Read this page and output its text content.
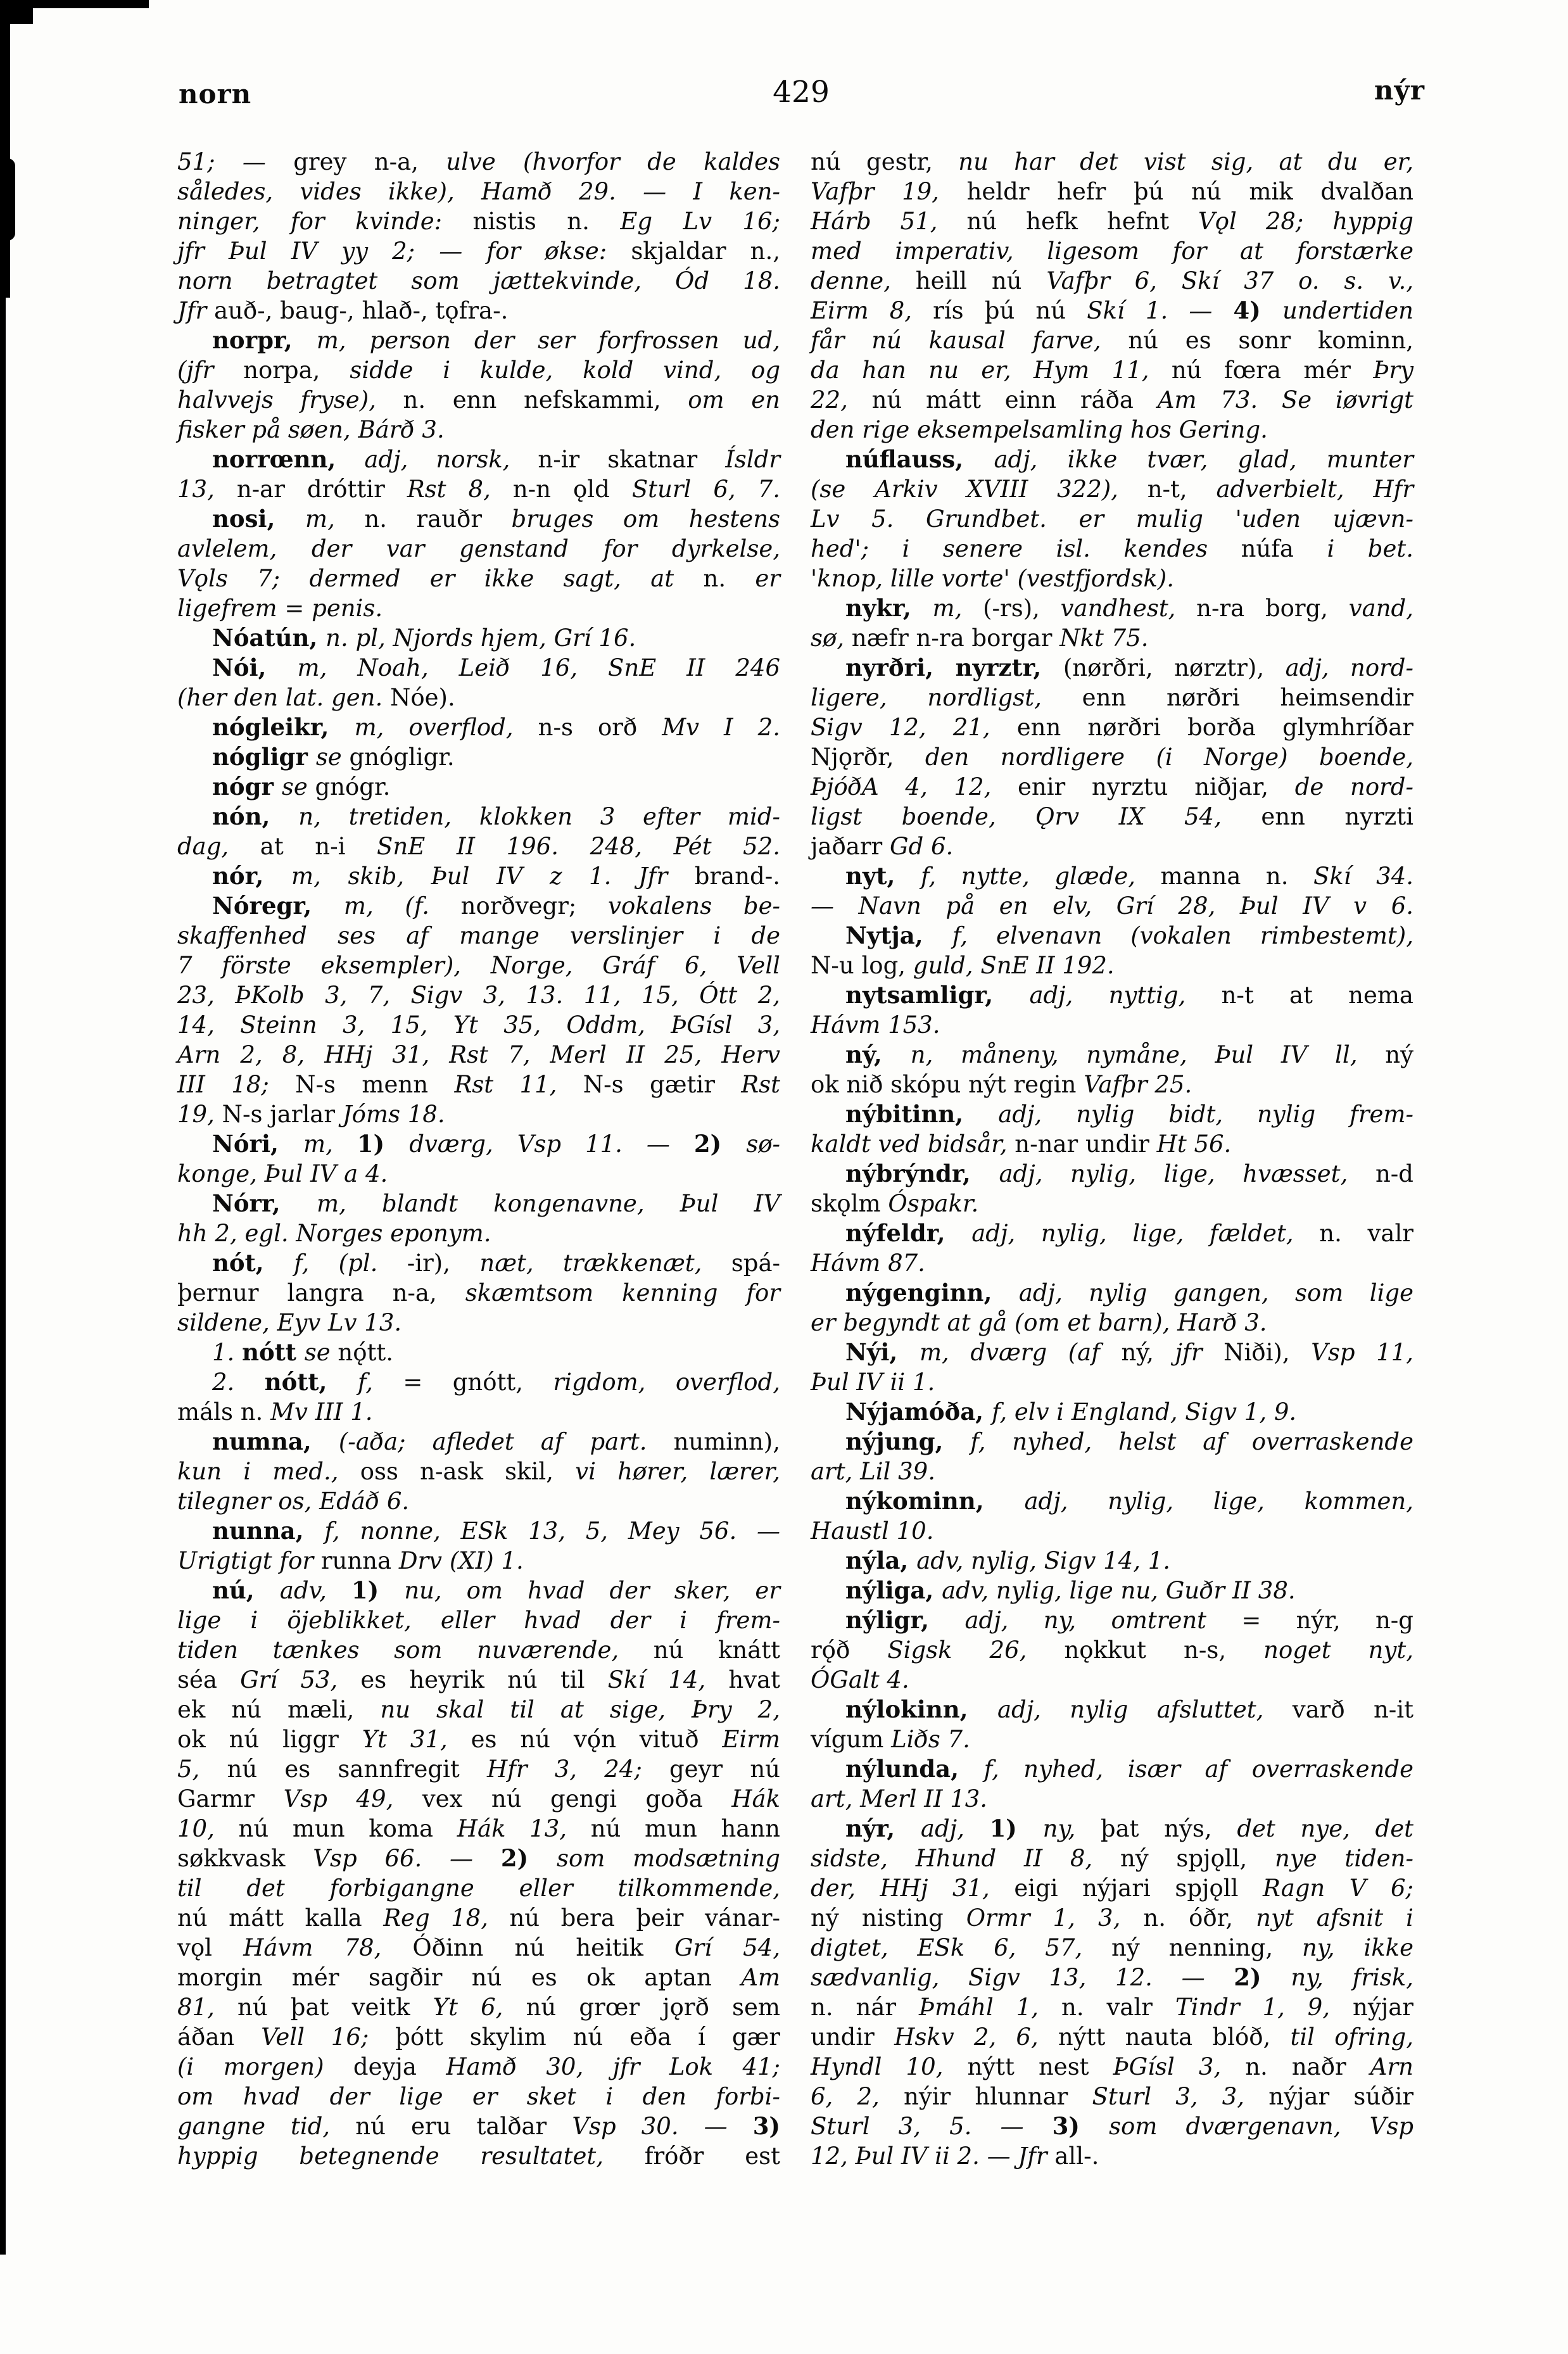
norn	429	nýr
51; — grey n-a, ulve (hvorfor de kaldes
således, vides ikke), Hamð 29. — I ken-
ninger, for kvinde: nistis n. Eg Lv 16;
jfr Þul IV yy 2; — for økse: skjaldar n.,
norn betragtet som jættekvinde, Ód 18.
Jfr auð-, baug-, hlað-, tǫfra-.
norpr, m, person der ser forfrossen ud,
(jfr norpa, sidde i kulde, kold vind, og
halvvejs fryse), n. enn nefskammi, om en
fisker på søen, Bárð 3.
norrœnn, adj, norsk, n-ir skatnar Ísldr
13, n-ar dróttir Rst 8, n-n ǫld Sturl 6, 7.
nosi, m, n. rauðr bruges om hestens
avlelem, der var genstand for dyrkelse,
Vǫls 7; dermed er ikke sagt, at n. er
ligefrem = penis.
Nóatún, n. pl, Njords hjem, Grí 16.
Nói, m, Noah, Leið 16, SnE II 246
(her den lat. gen. Nóe).
nógleikr, m, overflod, n-s orð Mv I 2.
nógligr se gnógligr.
nógr se gnógr.
nón, n, tretiden, klokken 3 efter mid-
dag, at n-i SnE II 196. 248, Pét 52.
nór, m, skib, Þul IV z 1. Jfr brand-.
Nóregr, m, (f. norðvegr; vokalens be-
skaffenhed ses af mange verslinjer i de
7 förste eksempler), Norge, Gráf 6, Vell
23, ÞKolb 3, 7, Sigv 3, 13. 11, 15, Ótt 2,
14, Steinn 3, 15, Yt 35, Oddm, ÞGísl 3,
Arn 2, 8, HHj 31, Rst 7, Merl II 25, Herv
III 18; N-s menn Rst 11, N-s gætir Rst
19, N-s jarlar Jóms 18.
Nóri, m, 1) dværg, Vsp 11. — 2) sø-
konge, Þul IV a 4.
Nórr, m, blandt kongenavne, Þul IV
hh 2, egl. Norges eponym.
nót, f, (pl. -ir), næt, trækkenæt, spá-
þernur langra n-a, skæmtsom kenning for
sildene, Eyv Lv 13.
1. nótt se nǫ́tt.
2. nótt, f, = gnótt, rigdom, overflod,
máls n. Mv III 1.
numna, (-aða; afledet af part. numinn),
kun i med., oss n-ask skil, vi hører, lærer,
tilegner os, Edáð 6.
nunna, f, nonne, ESk 13, 5, Mey 56. —
Urigtigt for runna Drv (XI) 1.
nú, adv, 1) nu, om hvad der sker, er
lige i öjeblikket, eller hvad der i frem-
tiden tænkes som nuværende, nú knátt
séa Grí 53, es heyrik nú til Skí 14, hvat
ek nú mæli, nu skal til at sige, Þry 2,
ok nú liggr Yt 31, es nú vǫ́n vituð Eirm
5, nú es sannfregit Hfr 3, 24; geyr nú
Garmr Vsp 49, vex nú gengi goða Hák
10, nú mun koma Hák 13, nú mun hann
søkkvask Vsp 66. — 2) som modsætning
til det forbigangne eller tilkommende,
nú mátt kalla Reg 18, nú bera þeir vánar-
vǫl Hávm 78, Óðinn nú heitik Grí 54,
morgin mér sagðir nú es ok aptan Am
81, nú þat veitk Yt 6, nú grœr jǫrð sem
áðan Vell 16; þótt skylim nú eða í gær
(i morgen) deyja Hamð 30, jfr Lok 41;
om hvad der lige er sket i den forbi-
gangne tid, nú eru talðar Vsp 30. — 3)
hyppig betegnende resultatet, fróðr est
nú gestr, nu har det vist sig, at du er,
Vafþr 19, heldr hefr þú nú mik dvalðan
Hárb 51, nú hefk hefnt Vǫl 28; hyppig
med imperativ, ligesom for at forstærke
denne, heill nú Vafþr 6, Skí 37 o. s. v.,
Eirm 8, rís þú nú Skí 1. — 4) undertiden
får nú kausal farve, nú es sonr kominn,
da han nu er, Hym 11, nú fœra mér Þry
22, nú mátt einn ráða Am 73. Se iøvrigt
den rige eksempelsamling hos Gering.
núflauss, adj, ikke tvær, glad, munter
(se Arkiv XVIII 322), n-t, adverbielt, Hfr
Lv 5. Grundbet. er mulig 'uden ujævn-
hed'; i senere isl. kendes núfa i bet.
'knop, lille vorte' (vestfjordsk).
nykr, m, (-rs), vandhest, n-ra borg, vand,
sø, næfr n-ra borgar Nkt 75.
nyrðri, nyrztr, (nørðri, nørztr), adj, nord-
ligere, nordligst, enn nørðri heimsendir
Sigv 12, 21, enn nørðri borða glymhríðar
Njǫrðr, den nordligere (i Norge) boende,
ÞjóðA 4, 12, enir nyrztu niðjar, de nord-
ligst boende, Ǫrv IX 54, enn nyrzti
jaðarr Gd 6.
nyt, f, nytte, glæde, manna n. Skí 34.
— Navn på en elv, Grí 28, Þul IV v 6.
Nytja, f, elvenavn (vokalen rimbestemt),
N-u log, guld, SnE II 192.
nytsamligr, adj, nyttig, n-t at nema
Hávm 153.
ný, n, måneny, nymåne, Þul IV ll, ný
ok nið skópu nýt regin Vafþr 25.
nýbitinn, adj, nylig bidt, nylig frem-
kaldt ved bidsår, n-nar undir Ht 56.
nýbrýndr, adj, nylig, lige, hvæsset, n-d
skǫlm Óspakr.
nýfeldr, adj, nylig, lige, fældet, n. valr
Hávm 87.
nýgenginn, adj, nylig gangen, som lige
er begyndt at gå (om et barn), Harð 3.
Nýi, m, dværg (af ný, jfr Niði), Vsp 11,
Þul IV ii 1.
Nýjamóða, f, elv i England, Sigv 1, 9.
nýjung, f, nyhed, helst af overraskende
art, Lil 39.
nýkominn, adj, nylig, lige, kommen,
Haustl 10.
nýla, adv, nylig, Sigv 14, 1.
nýliga, adv, nylig, lige nu, Guðr II 38.
nýligr, adj, ny, omtrent = nýr, n-g
rǫ́ð Sigsk 26, nǫkkut n-s, noget nyt,
ÓGalt 4.
nýlokinn, adj, nylig afsluttet, varð n-it
vígum Liðs 7.
nýlunda, f, nyhed, især af overraskende
art, Merl II 13.
nýr, adj, 1) ny, þat nýs, det nye, det
sidste, Hhund II 8, ný spjǫll, nye tiden-
der, HHj 31, eigi nýjari spjǫll Ragn V 6;
ný nisting Ormr 1, 3, n. óðr, nyt afsnit i
digtet, ESk 6, 57, ný nenning, ny, ikke
sædvanlig, Sigv 13, 12. — 2) ny, frisk,
n. nár Þmáhl 1, n. valr Tindr 1, 9, nýjar
undir Hskv 2, 6, nýtt nauta blóð, til ofring,
Hyndl 10, nýtt nest ÞGísl 3, n. naðr Arn
6, 2, nýir hlunnar Sturl 3, 3, nýjar súðir
Sturl 3, 5. — 3) som dværgenavn, Vsp
12, Þul IV ii 2. — Jfr all-.
